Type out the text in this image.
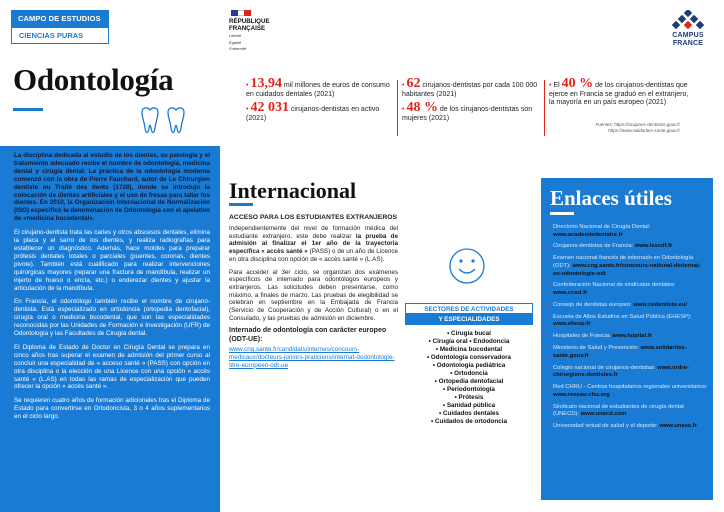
CAMPO DE ESTUDIOS
CIENCIAS PURAS
Odontología
RÉPUBLIQUE
FRANÇAISE
Liberté
Égalité
Fraternité
CAMPUS
FRANCE
• 13,94 mil millones de euros de consumo en cuidados dentales (2021)
• 42 031 cirujanos-dentistas en activo (2021)
• 62 cirujanos-dentistas por cada 100 000 habitantes (2021)
• 48 % de los cirujanos-dentistas son mujeres (2021)
• El 40 % de los cirujanos-dentistas que ejerce en Francia se graduó en el extranjero, la mayoría en un país europeo (2021)
Fuentes: https://cirujanos-dentistas.gouv.fr
https://www.solidarites-sante.gouv.fr

La disciplina dedicada al estudio de los dientes, su patología y el tratamiento adecuado recibe el nombre de odontología, medicina dental y cirugía dental. La práctica de la odontología moderna comenzó con la obra de Pierre Fauchard, autor de Le Chirurgien dentiste ou Traité des dents (1728), donde se introdujo la colocación de dientes artificiales y el uso de fresas para tallar los dientes. En 2010, la Organización Internacional de Normalización (ISO) especificó la denominación de Odontología con el apelativo de «medicina bucodental».

El cirujano-dentista trata las caries y otros abscesos dentales, elimina la placa y el sarro de los dientes, y realiza radiografías para establecer un diagnóstico. Además, hace moldes para preparar prótesis dentales totales o parciales (puentes, coronas, dientes pivote). También está cualificado para realizar intervenciones quirúrgicas mayores (reparar una fractura de mandíbula, realizar un injerto de hueso o encía, etc.) o enderezar dientes y ajustar la articulación de la mandíbula.

En Francia, el odontólogo también recibe el nombre de cirujano-dentista. Está especializado en ortodoncia (ortopedia dentofacial), cirugía oral o medicina bucodental, que son las especialidades reconocidas por las Unidades de Formación e Investigación (UFR) de Odontología y las Facultades de Cirugía dental.

El Diploma de Estado de Doctor en Cirugía Dental se prepara en cinco años tras superar el examen de admisión del primer curso al concluir una especialidad de « acceso santé » (PASS) con opción en otra disciplina o la elección de una Licence con una opción « accès santé » (L.AS) en todas las ramas de especialización que pueden ofrecer la opción « accès santé ».

Se requieren cuatro años de formación adicionales tras el Diploma de Estado para convertirse en Ortodoncista, 3 o 4 años suplementarios en el ciclo largo.

Internacional
ACCESO PARA LOS ESTUDIANTES EXTRANJEROS

Independientemente del nivel de formación médica del estudiante extranjero, este debe realizar la prueba de admisión al finalizar el 1er año de la trayectoria específica « accès santé » (PASS) o de un año de Licence en otra disciplina con opción de « accès santé » (L.AS).

Para acceder al 3er ciclo, se organizan dos exámenes específicos de internado para odontólogos europeos y extranjeros. Las solicitudes deben presentarse, como máximo, a finales de marzo. Las pruebas de elegibilidad se celebran en septiembre en la Embajada de Francia (Servicio de Cooperación y de Acción Cultural) o en el Consulado, y las pruebas de admisión en diciembre.

Internado de odontología con carácter europeo (ODT-UE):
www.cng.sante.fr/candidats/internes/concours-medicaux/docteurs-juniors-praticiens/internat-dodontologie-titre-europeen-odt-ue
SECTORES DE ACTIVIDADES
Y ESPECIALIDADES
• Cirugía bucal
• Cirugía oral • Endodoncia
• Medicina bucodental
• Odontología conservadora
• Odontología pediátrica
• Ortodoncia
• Ortopedia dentofacial
• Periodontología
• Prótesis
• Sanidad pública
• Cuidados dentales
• Cuidados de ortodoncia
Enlaces útiles
• Directorio Nacional de Cirugía Dental: www.academiedentaire.fr
• Cirujanos-dentistas de Francia: www.lescdf.fr
• Examen nacional francés de internado en Odontología (ODT): www.cng.sante.fr/concours-national-dinternat-en-odontologie-odt
• Confederación Nacional de sindicatos dentales: www.cnsd.fr
• Consejo de dentistas europeo: www.cedentists.eu/
• Escuela de Altos Estudios en Salud Pública (EHESP): www.ehesp.fr
• Hospitales de Francia: www.hopital.fr
• Ministerio de Salud y Prevención: www.solidarites-sante.gouv.fr
• Colegio nacional de cirujanos-dentistas: www.ordre-chirurgiens-dentistes.fr
• Red CHRU - Centros hospitalarios regionales universitarios: www.reseau-chu.org
• Sindicato nacional de estudiantes de cirugía dental (UNECD): www.unecd.com
• Universidad virtual de salud y el deporte: www.uness.fr
